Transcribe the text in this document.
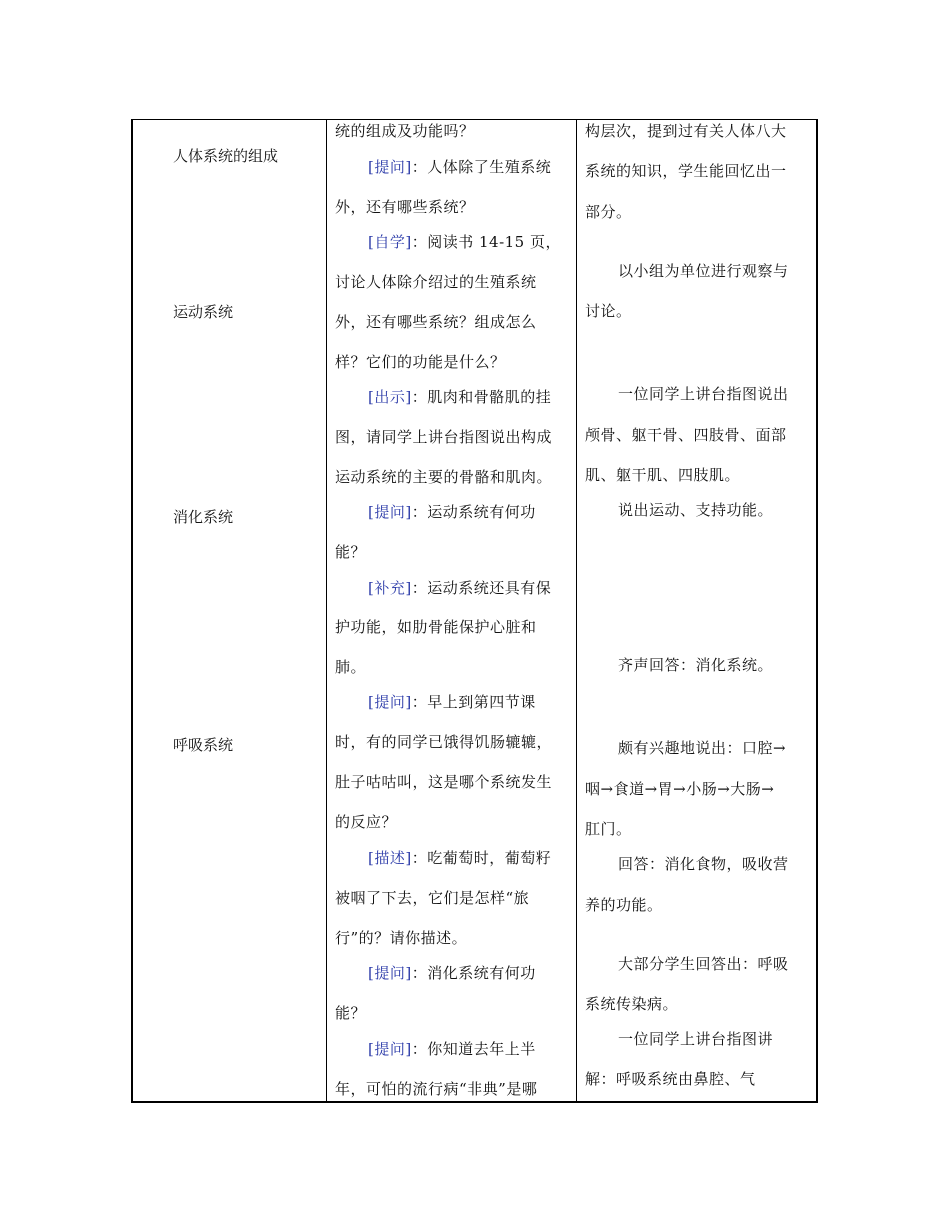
人体系统的组成
运动系统
消化系统
呼吸系统
统的组成及功能吗？
[提问]：人体除了生殖系统
外，还有哪些系统？
[自学]：阅读书 14-15 页，
讨论人体除介绍过的生殖系统
外，还有哪些系统？组成怎么
样？它们的功能是什么？
[出示]：肌肉和骨骼肌的挂
图，请同学上讲台指图说出构成
运动系统的主要的骨骼和肌肉。
[提问]：运动系统有何功
能？
[补充]：运动系统还具有保
护功能，如肋骨能保护心脏和
肺。
[提问]：早上到第四节课
时，有的同学已饿得饥肠辘辘，
肚子咕咕叫，这是哪个系统发生
的反应？
[描述]：吃葡萄时，葡萄籽
被咽了下去，它们是怎样“旅
行”的？请你描述。
[提问]：消化系统有何功
能？
[提问]：你知道去年上半
年，可怕的流行病“非典”是哪
构层次，提到过有关人体八大
系统的知识，学生能回忆出一
部分。
以小组为单位进行观察与
讨论。
一位同学上讲台指图说出
颅骨、躯干骨、四肢骨、面部
肌、躯干肌、四肢肌。
说出运动、支持功能。
齐声回答：消化系统。
颇有兴趣地说出：口腔→
咽→食道→胃→小肠→大肠→
肛门。
回答：消化食物，吸收营
养的功能。
大部分学生回答出：呼吸
系统传染病。
一位同学上讲台指图讲
解：呼吸系统由鼻腔、气
